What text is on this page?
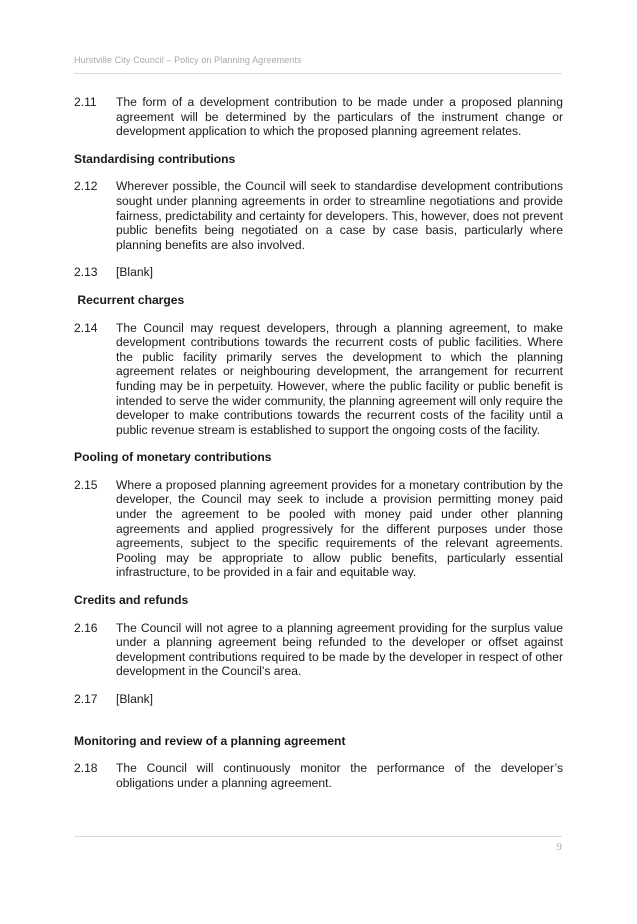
Hurstville City Council – Policy on Planning Agreements
2.11	The form of a development contribution to be made under a proposed planning agreement will be determined by the particulars of the instrument change or development application to which the proposed planning agreement relates.
Standardising contributions
2.12	Wherever possible, the Council will seek to standardise development contributions sought under planning agreements in order to streamline negotiations and provide fairness, predictability and certainty for developers. This, however, does not prevent public benefits being negotiated on a case by case basis, particularly where planning benefits are also involved.
2.13	[Blank]
Recurrent charges
2.14	The Council may request developers, through a planning agreement, to make development contributions towards the recurrent costs of public facilities. Where the public facility primarily serves the development to which the planning agreement relates or neighbouring development, the arrangement for recurrent funding may be in perpetuity. However, where the public facility or public benefit is intended to serve the wider community, the planning agreement will only require the developer to make contributions towards the recurrent costs of the facility until a public revenue stream is established to support the ongoing costs of the facility.
Pooling of monetary contributions
2.15	Where a proposed planning agreement provides for a monetary contribution by the developer, the Council may seek to include a provision permitting money paid under the agreement to be pooled with money paid under other planning agreements and applied progressively for the different purposes under those agreements, subject to the specific requirements of the relevant agreements. Pooling may be appropriate to allow public benefits, particularly essential infrastructure, to be provided in a fair and equitable way.
Credits and refunds
2.16	The Council will not agree to a planning agreement providing for the surplus value under a planning agreement being refunded to the developer or offset against development contributions required to be made by the developer in respect of other development in the Council’s area.
2.17	[Blank]
Monitoring and review of a planning agreement
2.18	The Council will continuously monitor the performance of the developer’s obligations under a planning agreement.
9
